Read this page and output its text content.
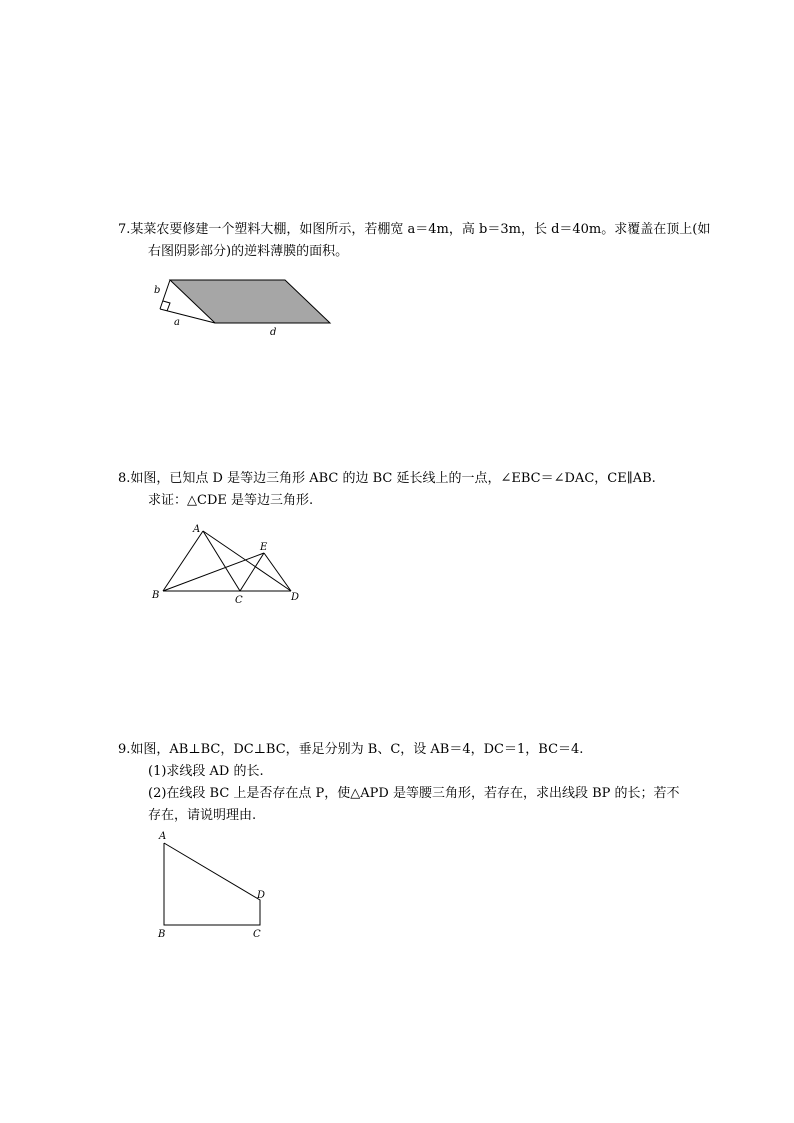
7.某菜农要修建一个塑料大棚，如图所示，若棚宽 a＝4m，高 b＝3m，长 d＝40m。求覆盖在顶上(如
右图阴影部分)的逆料薄膜的面积。
b
a
d
8.如图，已知点 D 是等边三角形 ABC 的边 BC 延长线上的一点，∠EBC＝∠DAC，CE∥AB.
求证：△CDE 是等边三角形.
A
E
B	C	D
9.如图，AB⊥BC，DC⊥BC，垂足分别为 B、C，设 AB＝4，DC＝1，BC＝4.
(1)求线段 AD 的长.
(2)在线段 BC 上是否存在点 P，使△APD 是等腰三角形，若存在，求出线段 BP 的长；若不
存在，请说明理由.
A
D
B	C
